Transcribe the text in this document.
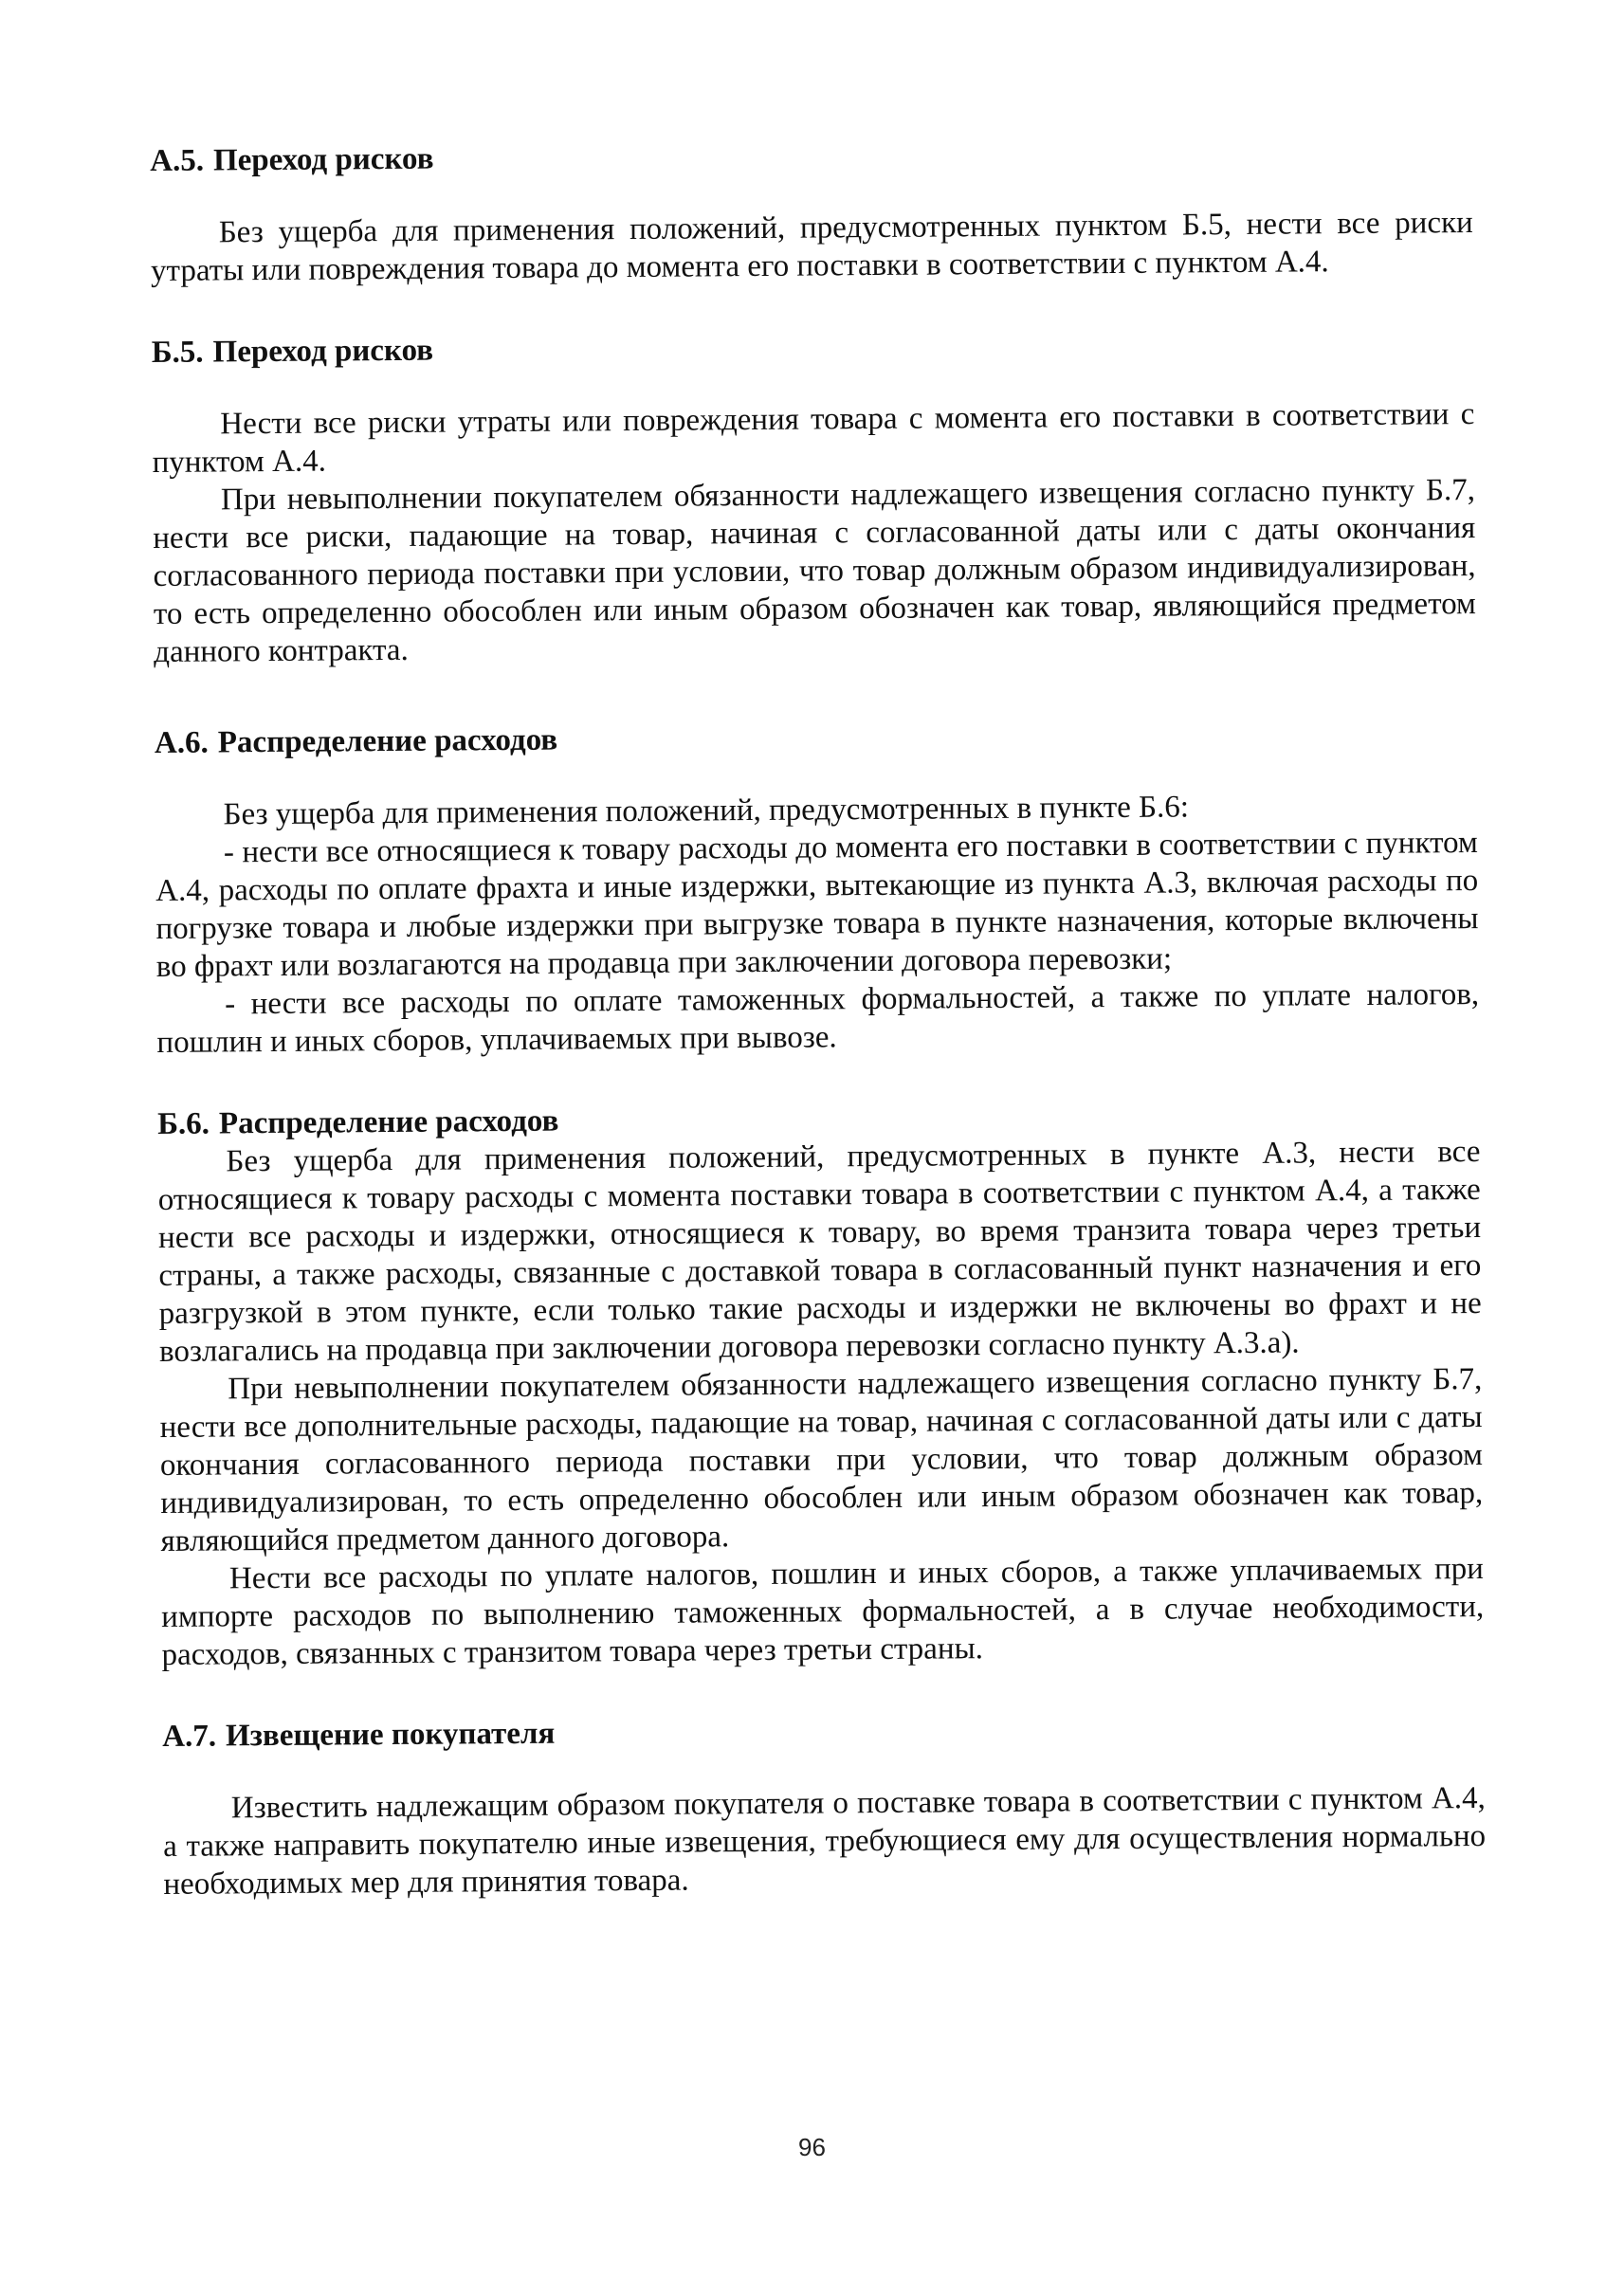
А.5. Переход рисков

Без ущерба для применения положений, предусмотренных пунктом Б.5, нести все риски утраты или повреждения товара до момента его поставки в соответствии с пунктом А.4.

Б.5. Переход рисков

Нести все риски утраты или повреждения товара с момента его поставки в соответствии с пунктом А.4.

При невыполнении покупателем обязанности надлежащего извещения согласно пункту Б.7, нести все риски, падающие на товар, начиная с согласованной даты или с даты окончания согласованного периода поставки при условии, что товар должным образом индивидуализирован, то есть определенно обособлен или иным образом обозначен как товар, являющийся предметом данного контракта.

А.6. Распределение расходов

Без ущерба для применения положений, предусмотренных в пункте Б.6:

- нести все относящиеся к товару расходы до момента его поставки в соответствии с пунктом А.4, расходы по оплате фрахта и иные издержки, вытекающие из пункта А.3, включая расходы по погрузке товара и любые издержки при выгрузке товара в пункте назначения, которые включены во фрахт или возлагаются на продавца при заключении договора перевозки;

- нести все расходы по оплате таможенных формальностей, а также по уплате налогов, пошлин и иных сборов, уплачиваемых при вывозе.

Б.6. Распределение расходов

Без ущерба для применения положений, предусмотренных в пункте А.3, нести все относящиеся к товару расходы с момента поставки товара в соответствии с пунктом А.4, а также нести все расходы и издержки, относящиеся к товару, во время транзита товара через третьи страны, а также расходы, связанные с доставкой товара в согласованный пункт назначения и его разгрузкой в этом пункте, если только такие расходы и издержки не включены во фрахт и не возлагались на продавца при заключении договора перевозки согласно пункту А.3.а).

При невыполнении покупателем обязанности надлежащего извещения согласно пункту Б.7, нести все дополнительные расходы, падающие на товар, начиная с согласованной даты или с даты окончания согласованного периода поставки при условии, что товар должным образом индивидуализирован, то есть определенно обособлен или иным образом обозначен как товар, являющийся предметом данного договора.

Нести все расходы по уплате налогов, пошлин и иных сборов, а также уплачиваемых при импорте расходов по выполнению таможенных формальностей, а в случае необходимости, расходов, связанных с транзитом товара через третьи страны.

А.7. Извещение покупателя

Известить надлежащим образом покупателя о поставке товара в соответствии с пунктом А.4, а также направить покупателю иные извещения, требующиеся ему для осуществления нормально необходимых мер для принятия товара.

96
